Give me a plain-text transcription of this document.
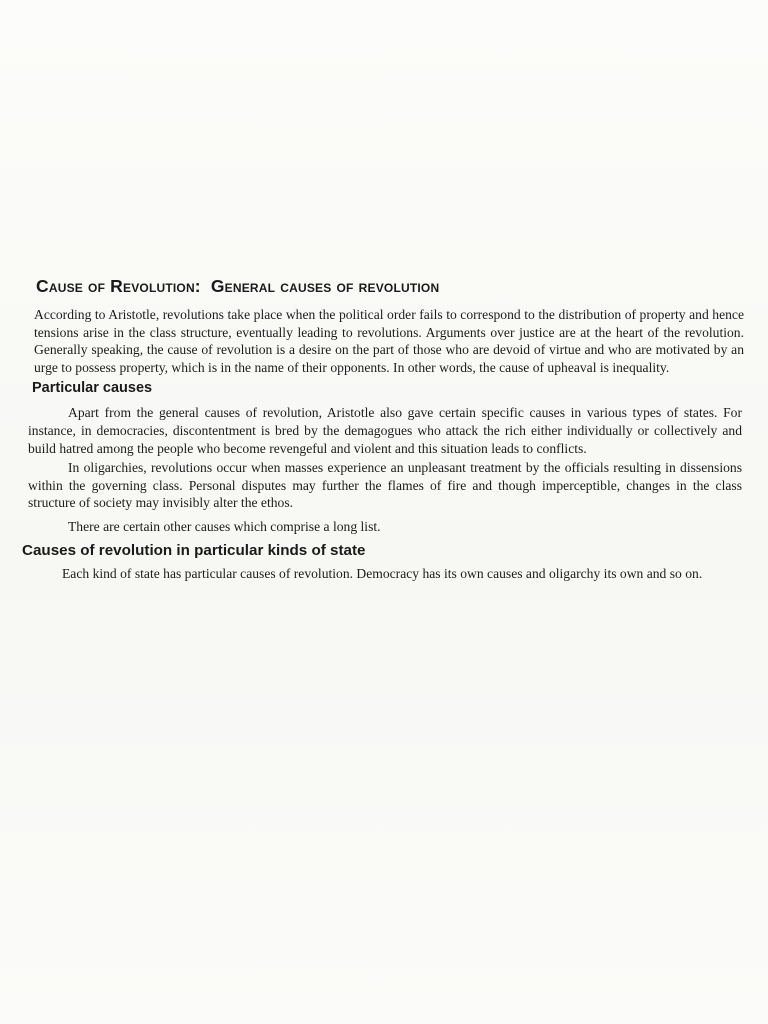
Cause of Revolution: General causes of revolution

According to Aristotle, revolutions take place when the political order fails to correspond to the distribution of property and hence tensions arise in the class structure, eventually leading to revolutions. Arguments over justice are at the heart of the revolution. Generally speaking, the cause of revolution is a desire on the part of those who are devoid of virtue and who are motivated by an urge to possess property, which is in the name of their opponents. In other words, the cause of upheaval is inequality.

Particular causes

Apart from the general causes of revolution, Aristotle also gave certain specific causes in various types of states. For instance, in democracies, discontentment is bred by the demagogues who attack the rich either individually or collectively and build hatred among the people who become revengeful and violent and this situation leads to conflicts.

In oligarchies, revolutions occur when masses experience an unpleasant treatment by the officials resulting in dissensions within the governing class. Personal disputes may further the flames of fire and though imperceptible, changes in the class structure of society may invisibly alter the ethos.

There are certain other causes which comprise a long list.

Causes of revolution in particular kinds of state

Each kind of state has particular causes of revolution. Democracy has its own causes and oligarchy its own and so on.
